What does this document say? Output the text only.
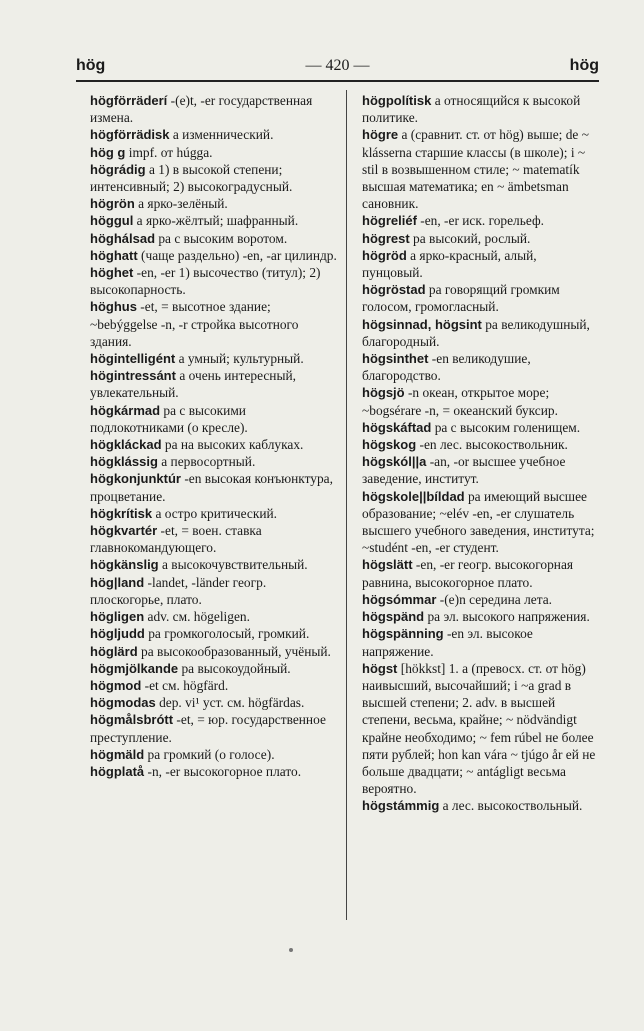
hög	— 420 —	hög

högförräderí -(e)t, -er государственная измена.

högförrädisk a изменнический.

hög g impf. от húgga.

högrádig a 1) в высокой степени; интенсивный; 2) высокоградусный.

högrön a ярко-зелёный.

höggul a ярко-жёлтый; шафранный.

höghálsad pa с высоким воротом.

höghatt (чаще раздельно) -en, -ar цилиндр.

höghet -en, -er 1) высочество (титул); 2) высокопарность.

höghus -et, = высотное здание; ~bebýggelse -n, -r стройка высотного здания.

högintelligént a умный; культурный.

högintressánt a очень интересный, увлекательный.

högkármad pa с высокими подлокотниками (о кресле).

högkláckad pa на высоких каблуках.

högklássig a первосортный.

högkonjunktúr -en высокая конъюнктура, процветание.

högkrítisk a остро критический.

högkvartér -et, = воен. ставка главнокомандующего.

högkänslig a высокочувствительный.

hög|land -landet, -länder геогр. плоскогорье, плато.

högligen adv. см. högeligen.

högljudd pa громкоголосый, громкий.

höglärd pa высокообразованный, учёный.

högmjölkande pa высокоудойный.

högmod -et см. högfärd.

högmodas dep. vi¹ уст. см. högfärdas.

högmålsbrótt -et, = юр. государственное преступление.

högmäld pa громкий (о голосе).

högplatå -n, -er высокогорное плато.

högpolítisk a относящийся к высокой политике.

högre a (сравнит. ст. от hög) выше; de ~ klásserna старшие классы (в школе); i ~ stil в возвышенном стиле; ~ matematík высшая математика; en ~ ämbetsman сановник.

högreliéf -en, -er иск. горельеф.

högrest pa высокий, рослый.

högröd a ярко-красный, алый, пунцовый.

högröstad pa говорящий громким голосом, громогласный.

högsinnad, högsint pa великодушный, благородный.

högsinthet -en великодушие, благородство.

högsjö -n океан, открытое море; ~bogsérare -n, = океанский буксир.

högskáftad pa с высоким голенищем.

högskog -en лес. высокоствольник.

högskól||a -an, -or высшее учебное заведение, институт.

högskole||bíldad pa имеющий высшее образование; ~elév -en, -er слушатель высшего учебного заведения, института; ~studént -en, -er студент.

högslätt -en, -er геогр. высокогорная равнина, высокогорное плато.

högsómmar -(e)n середина лета.

högspänd pa эл. высокого напряжения.

högspänning -en эл. высокое напряжение.

högst [hökkst] 1. a (превосх. ст. от hög) наивысший, высочайший; i ~a grad в высшей степени; 2. adv. в высшей степени, весьма, крайне; ~ nödvändigt крайне необходимо; ~ fem rúbel не более пяти рублей; hon kan vára ~ tjúgo år ей не больше двадцати; ~ antágligt весьма вероятно.

högstámmig a лес. высокоствольный.
